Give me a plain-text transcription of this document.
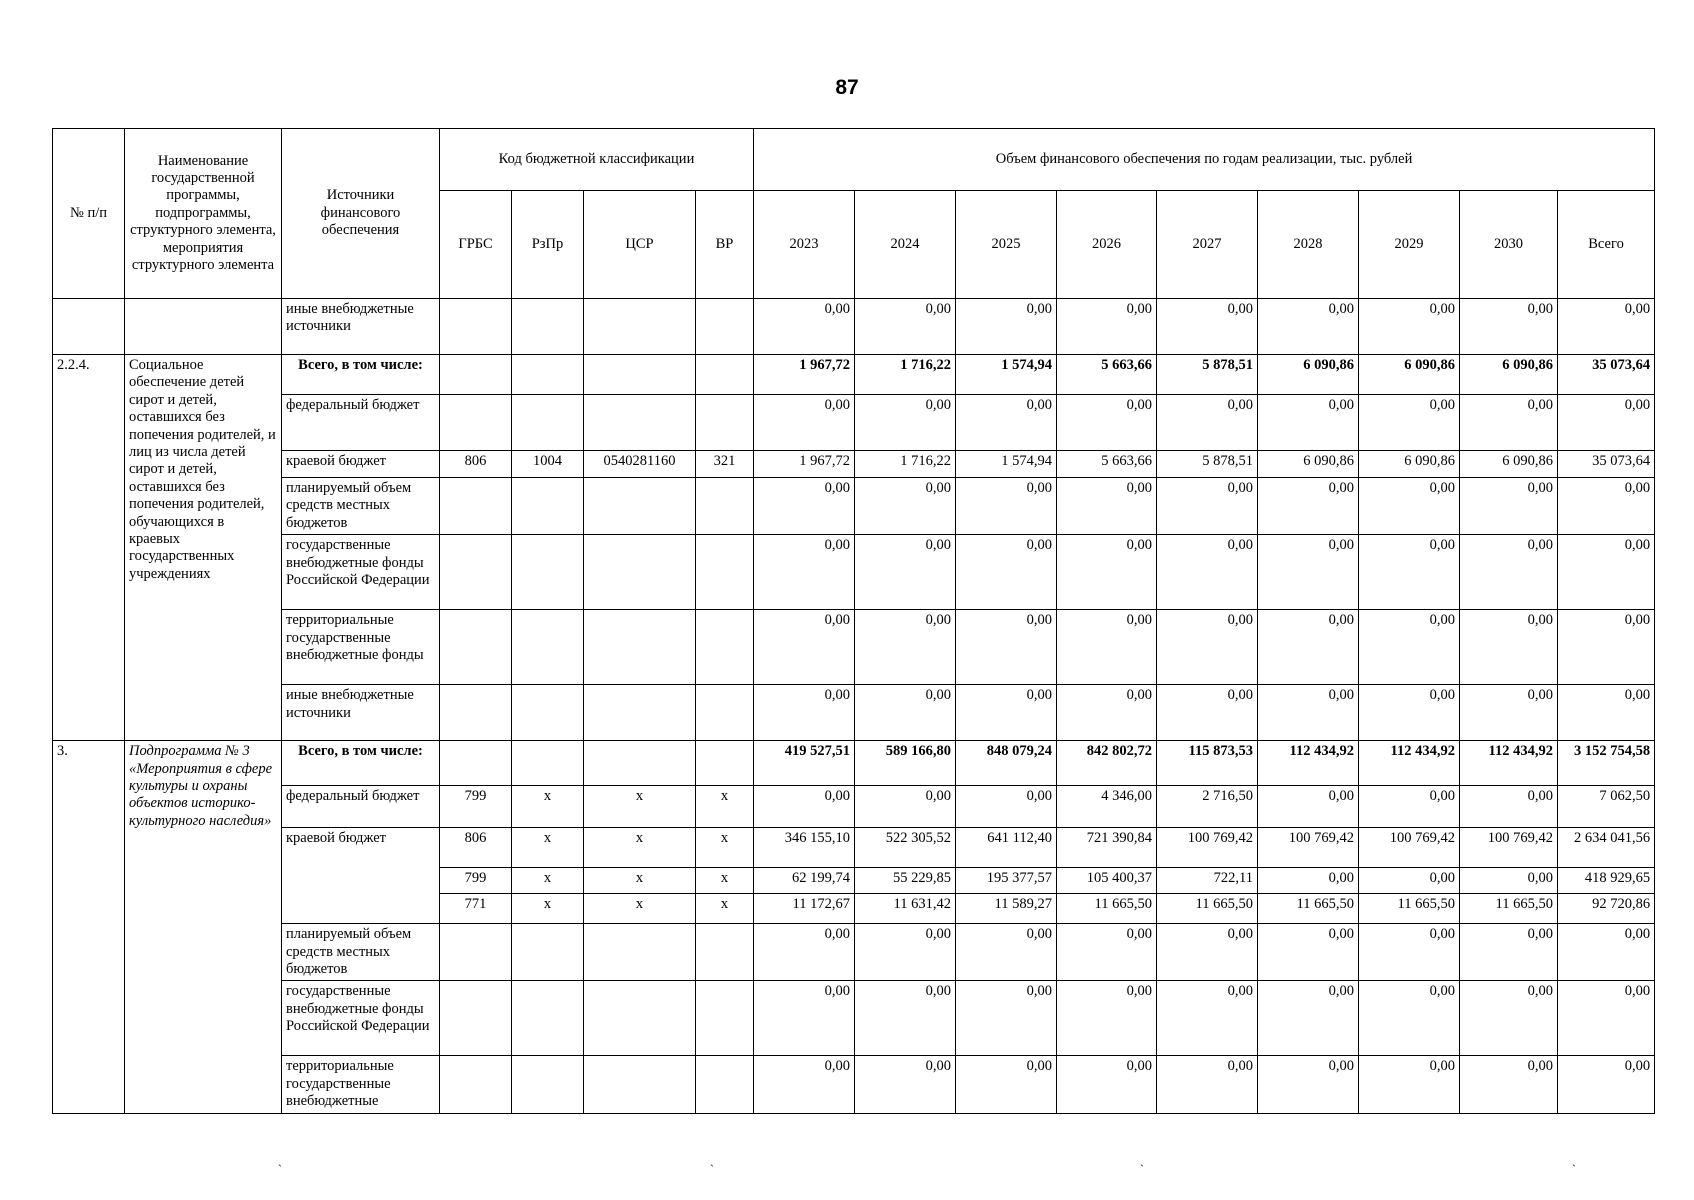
87
№ п/п	Наименование государственной программы, подпрограммы, структурного элемента, мероприятия структурного элемента	Источники финансового обеспечения	Код бюджетной классификации				Объем финансового обеспечения по годам реализации, тыс. рублей								
			ГРБС	РзПр	ЦСР	ВР	2023	2024	2025	2026	2027	2028	2029	2030	Всего
		иные внебюджетные источники					0,00	0,00	0,00	0,00	0,00	0,00	0,00	0,00	0,00
2.2.4.	Социальное обеспечение детей сирот и детей, оставшихся без попечения родителей, и лиц из числа детей сирот и детей, оставшихся без попечения родителей, обучающихся в краевых государственных учреждениях	Всего, в том числе:					1 967,72	1 716,22	1 574,94	5 663,66	5 878,51	6 090,86	6 090,86	6 090,86	35 073,64
		федеральный бюджет					0,00	0,00	0,00	0,00	0,00	0,00	0,00	0,00	0,00
		краевой бюджет	806	1004	0540281160	321	1 967,72	1 716,22	1 574,94	5 663,66	5 878,51	6 090,86	6 090,86	6 090,86	35 073,64
		планируемый объем средств местных бюджетов					0,00	0,00	0,00	0,00	0,00	0,00	0,00	0,00	0,00
		государственные внебюджетные фонды Российской Федерации					0,00	0,00	0,00	0,00	0,00	0,00	0,00	0,00	0,00
		территориальные государственные внебюджетные фонды					0,00	0,00	0,00	0,00	0,00	0,00	0,00	0,00	0,00
		иные внебюджетные источники					0,00	0,00	0,00	0,00	0,00	0,00	0,00	0,00	0,00
3.	Подпрограмма № 3 «Мероприятия в сфере культуры и охраны объектов историко-культурного наследия»	Всего, в том числе:					419 527,51	589 166,80	848 079,24	842 802,72	115 873,53	112 434,92	112 434,92	112 434,92	3 152 754,58
		федеральный бюджет	799	x	x	x	0,00	0,00	0,00	4 346,00	2 716,50	0,00	0,00	0,00	7 062,50
		краевой бюджет	806	x	x	x	346 155,10	522 305,52	641 112,40	721 390,84	100 769,42	100 769,42	100 769,42	100 769,42	2 634 041,56
			799	x	x	x	62 199,74	55 229,85	195 377,57	105 400,37	722,11	0,00	0,00	0,00	418 929,65
			771	x	x	x	11 172,67	11 631,42	11 589,27	11 665,50	11 665,50	11 665,50	11 665,50	11 665,50	92 720,86
		планируемый объем средств местных бюджетов					0,00	0,00	0,00	0,00	0,00	0,00	0,00	0,00	0,00
		государственные внебюджетные фонды Российской Федерации					0,00	0,00	0,00	0,00	0,00	0,00	0,00	0,00	0,00
		территориальные государственные внебюджетные					0,00	0,00	0,00	0,00	0,00	0,00	0,00	0,00	0,00
`	`	`	`
